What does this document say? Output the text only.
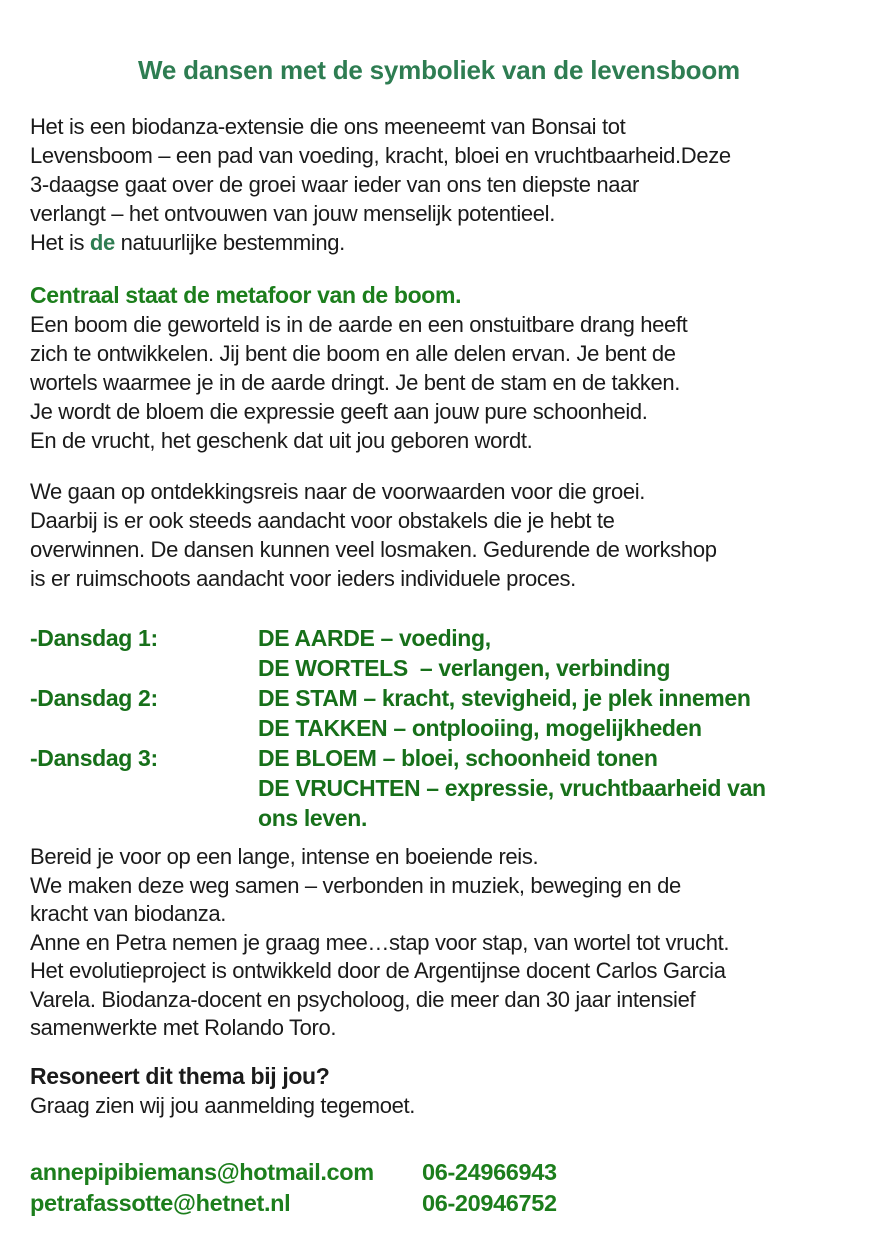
We dansen met de symboliek van de levensboom
Het is een biodanza-extensie die ons meeneemt van Bonsai tot
Levensboom – een pad van voeding, kracht, bloei en vruchtbaarheid.Deze
3-daagse gaat over de groei waar ieder van ons ten diepste naar
verlangt – het ontvouwen van jouw menselijk potentieel.
Het is de natuurlijke bestemming.
Centraal staat de metafoor van de boom.
Een boom die geworteld is in de aarde en een onstuitbare drang heeft
zich te ontwikkelen. Jij bent die boom en alle delen ervan. Je bent de
wortels waarmee je in de aarde dringt. Je bent de stam en de takken.
Je wordt de bloem die expressie geeft aan jouw pure schoonheid.
En de vrucht, het geschenk dat uit jou geboren wordt.
We gaan op ontdekkingsreis naar de voorwaarden voor die groei.
Daarbij is er ook steeds aandacht voor obstakels die je hebt te
overwinnen. De dansen kunnen veel losmaken. Gedurende de workshop
is er ruimschoots aandacht voor ieders individuele proces.
-Dansdag 1:	DE AARDE – voeding,
DE WORTELS  – verlangen, verbinding
-Dansdag 2:	DE STAM – kracht, stevigheid, je plek innemen
DE TAKKEN – ontplooiing, mogelijkheden
-Dansdag 3:	DE BLOEM – bloei, schoonheid tonen
DE VRUCHTEN – expressie, vruchtbaarheid van
ons leven.
Bereid je voor op een lange, intense en boeiende reis.
We maken deze weg samen – verbonden in muziek, beweging en de
kracht van biodanza.
Anne en Petra nemen je graag mee…stap voor stap, van wortel tot vrucht.
Het evolutieproject is ontwikkeld door de Argentijnse docent Carlos Garcia
Varela. Biodanza-docent en psycholoog, die meer dan 30 jaar intensief
samenwerkte met Rolando Toro.
Resoneert dit thema bij jou?
Graag zien wij jou aanmelding tegemoet.
annepipibiemans@hotmail.com	06-24966943
petrafassotte@hetnet.nl	06-20946752
